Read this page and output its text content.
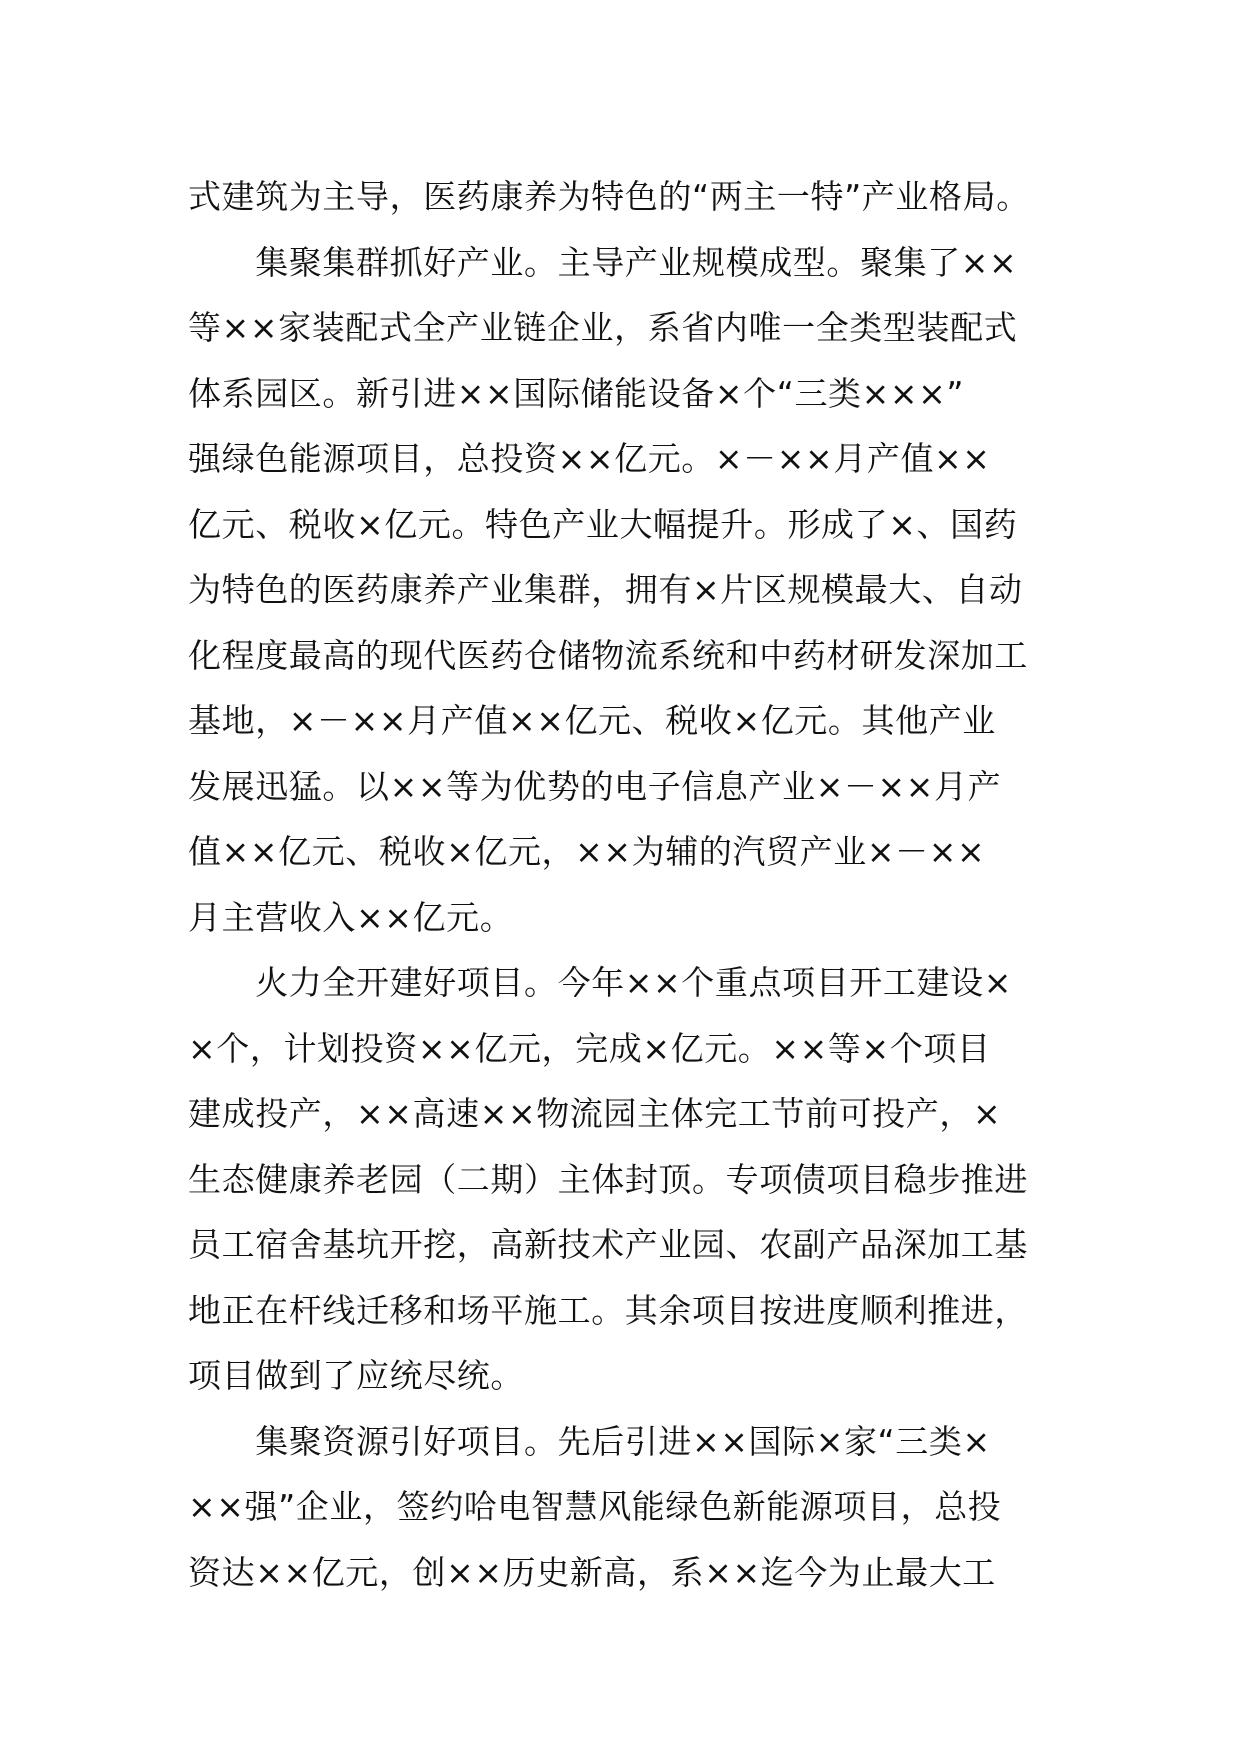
式建筑为主导，医药康养为特色的“两主一特”产业格局。
　　集聚集群抓好产业。主导产业规模成型。聚集了××
等××家装配式全产业链企业，系省内唯一全类型装配式
体系园区。新引进××国际储能设备×个“三类×××”
强绿色能源项目，总投资××亿元。×－××月产值××
亿元、税收×亿元。特色产业大幅提升。形成了×、国药
为特色的医药康养产业集群，拥有×片区规模最大、自动
化程度最高的现代医药仓储物流系统和中药材研发深加工
基地，×－××月产值××亿元、税收×亿元。其他产业
发展迅猛。以××等为优势的电子信息产业×－××月产
值××亿元、税收×亿元，××为辅的汽贸产业×－××
月主营收入××亿元。
　　火力全开建好项目。今年××个重点项目开工建设×
×个，计划投资××亿元，完成×亿元。××等×个项目
建成投产，××高速××物流园主体完工节前可投产，×
生态健康养老园（二期）主体封顶。专项债项目稳步推进
员工宿舍基坑开挖，高新技术产业园、农副产品深加工基
地正在杆线迁移和场平施工。其余项目按进度顺利推进，
项目做到了应统尽统。
　　集聚资源引好项目。先后引进××国际×家“三类×
××强”企业，签约哈电智慧风能绿色新能源项目，总投
资达××亿元，创××历史新高，系××迄今为止最大工
